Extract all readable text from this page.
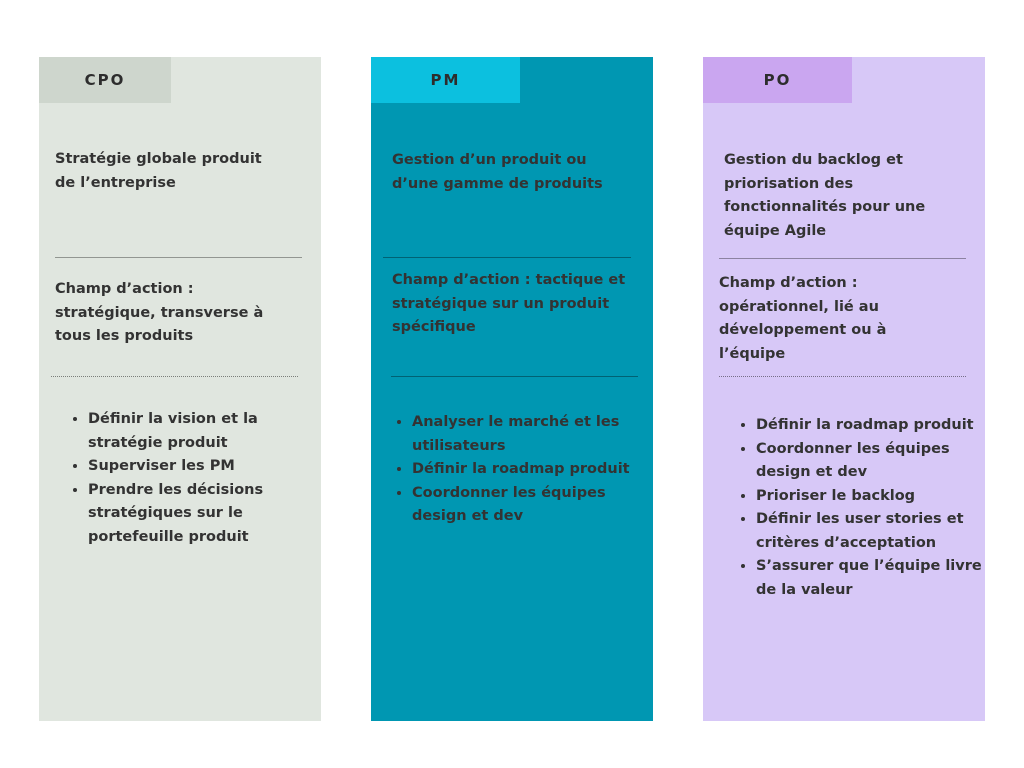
CPO

Stratégie globale produit de l’entreprise

Champ d’action : stratégique, transverse à tous les produits

• Définir la vision et la stratégie produit
• Superviser les PM
• Prendre les décisions stratégiques sur le portefeuille produit
PM

Gestion d’un produit ou d’une gamme de produits

Champ d’action : tactique et stratégique sur un produit spécifique

• Analyser le marché et les utilisateurs
• Définir la roadmap produit
• Coordonner les équipes design et dev
PO

Gestion du backlog et priorisation des fonctionnalités pour une équipe Agile

Champ d’action : opérationnel, lié au développement ou à l’équipe

• Définir la roadmap produit
• Coordonner les équipes design et dev
• Prioriser le backlog
• Définir les user stories et critères d’acceptation
• S’assurer que l’équipe livre de la valeur
